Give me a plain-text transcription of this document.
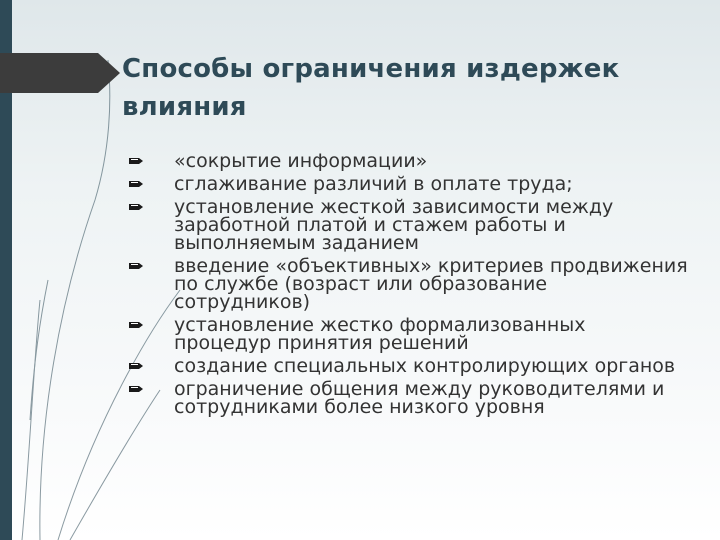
Способы ограничения издержек влияния
«сокрытие информации»
сглаживание различий в оплате труда;
установление жесткой зависимости между заработной платой и стажем работы и выполняемым заданием
введение «объективных» критериев продвижения по службе (возраст или образование сотрудников)
установление жестко формализованных процедур принятия решений
создание специальных контролирующих органов
ограничение общения между руководителями и сотрудниками более низкого уровня
